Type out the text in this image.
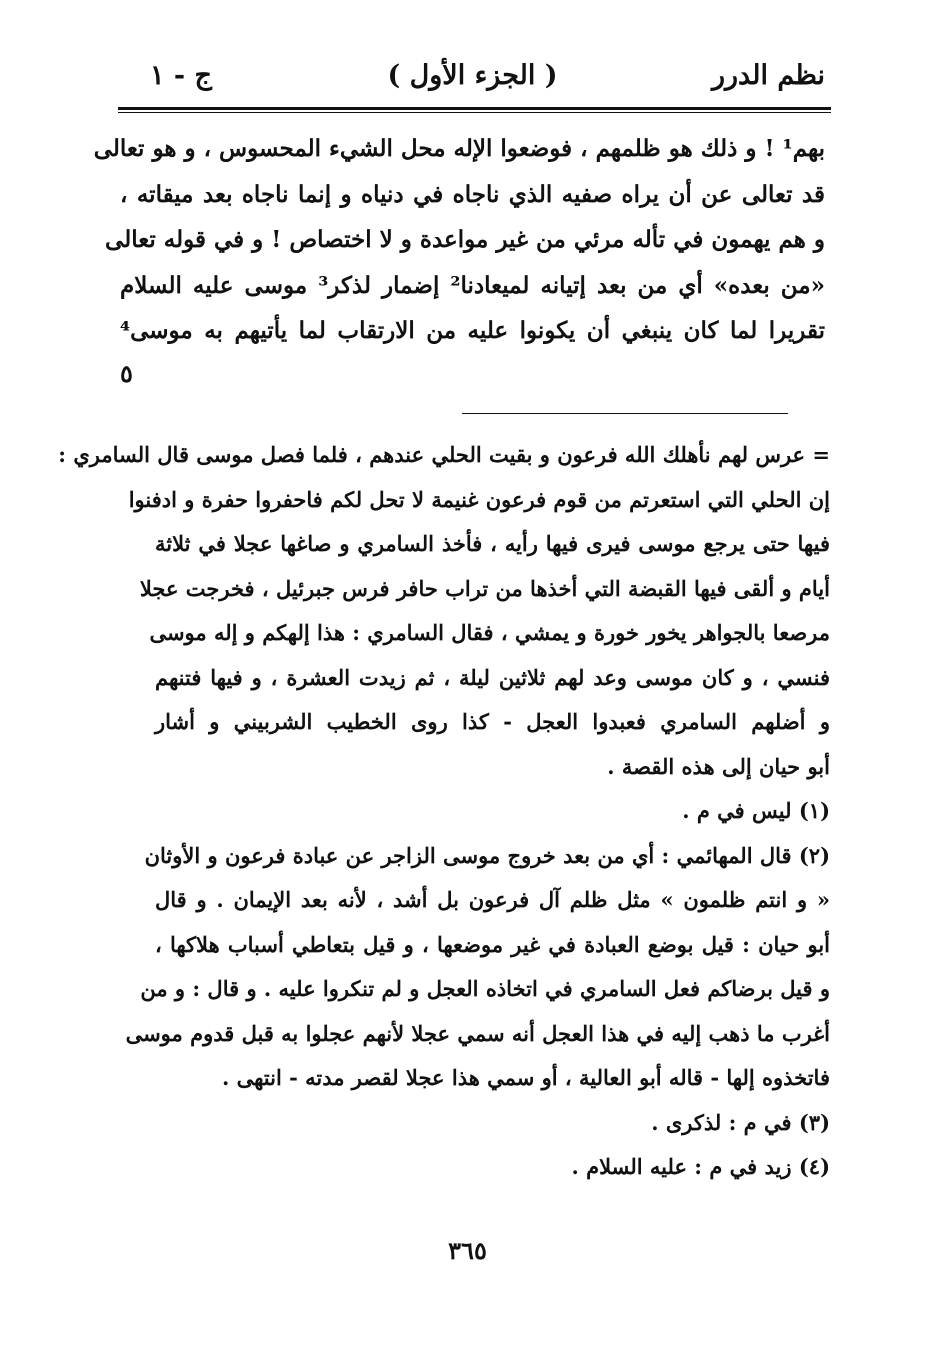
نظم الدرر
( الجزء الأول )
ج - ١
بهم¹ ! و ذلك هو ظلمهم ، فوضعوا الإله محل الشيء المحسوس ، و هو تعالى
قد تعالى عن أن يراه صفيه الذي ناجاه في دنياه و إنما ناجاه بعد ميقاته ،
و هم يهمون في تأله مرئي من غير مواعدة و لا اختصاص ! و في قوله تعالى
«من بعده» أي من بعد إتيانه لميعادنا² إضمار لذكر³ موسى عليه السلام
تقريرا لما كان ينبغي أن يكونوا عليه من الارتقاب لما يأتيهم به موسى⁴
٥
= عرس لهم نأهلك الله فرعون و بقيت الحلي عندهم ، فلما فصل موسى قال السامري :
إن الحلي التي استعرتم من قوم فرعون غنيمة لا تحل لكم فاحفروا حفرة و ادفنوا
فيها حتى يرجع موسى فيرى فيها رأيه ، فأخذ السامري و صاغها عجلا في ثلاثة
أيام و ألقى فيها القبضة التي أخذها من تراب حافر فرس جبرئيل ، فخرجت عجلا
مرصعا بالجواهر يخور خورة و يمشي ، فقال السامري : هذا إلهكم و إله موسى
فنسي ، و كان موسى وعد لهم ثلاثين ليلة ، ثم زيدت العشرة ، و فيها فتنهم
و أضلهم السامري فعبدوا العجل - كذا روى الخطيب الشربيني و أشار
أبو حيان إلى هذه القصة .
(١) ليس في م .
(٢) قال المهائمي : أي من بعد خروج موسى الزاجر عن عبادة فرعون و الأوثان
« و انتم ظلمون » مثل ظلم آل فرعون بل أشد ، لأنه بعد الإيمان . و قال
أبو حيان : قيل بوضع العبادة في غير موضعها ، و قيل بتعاطي أسباب هلاكها ،
و قيل برضاكم فعل السامري في اتخاذه العجل و لم تنكروا عليه . و قال : و من
أغرب ما ذهب إليه في هذا العجل أنه سمي عجلا لأنهم عجلوا به قبل قدوم موسى
فاتخذوه إلها - قاله أبو العالية ، أو سمي هذا عجلا لقصر مدته - انتهى .
(٣) في م : لذكرى .
(٤) زيد في م : عليه السلام .
٣٦٥
